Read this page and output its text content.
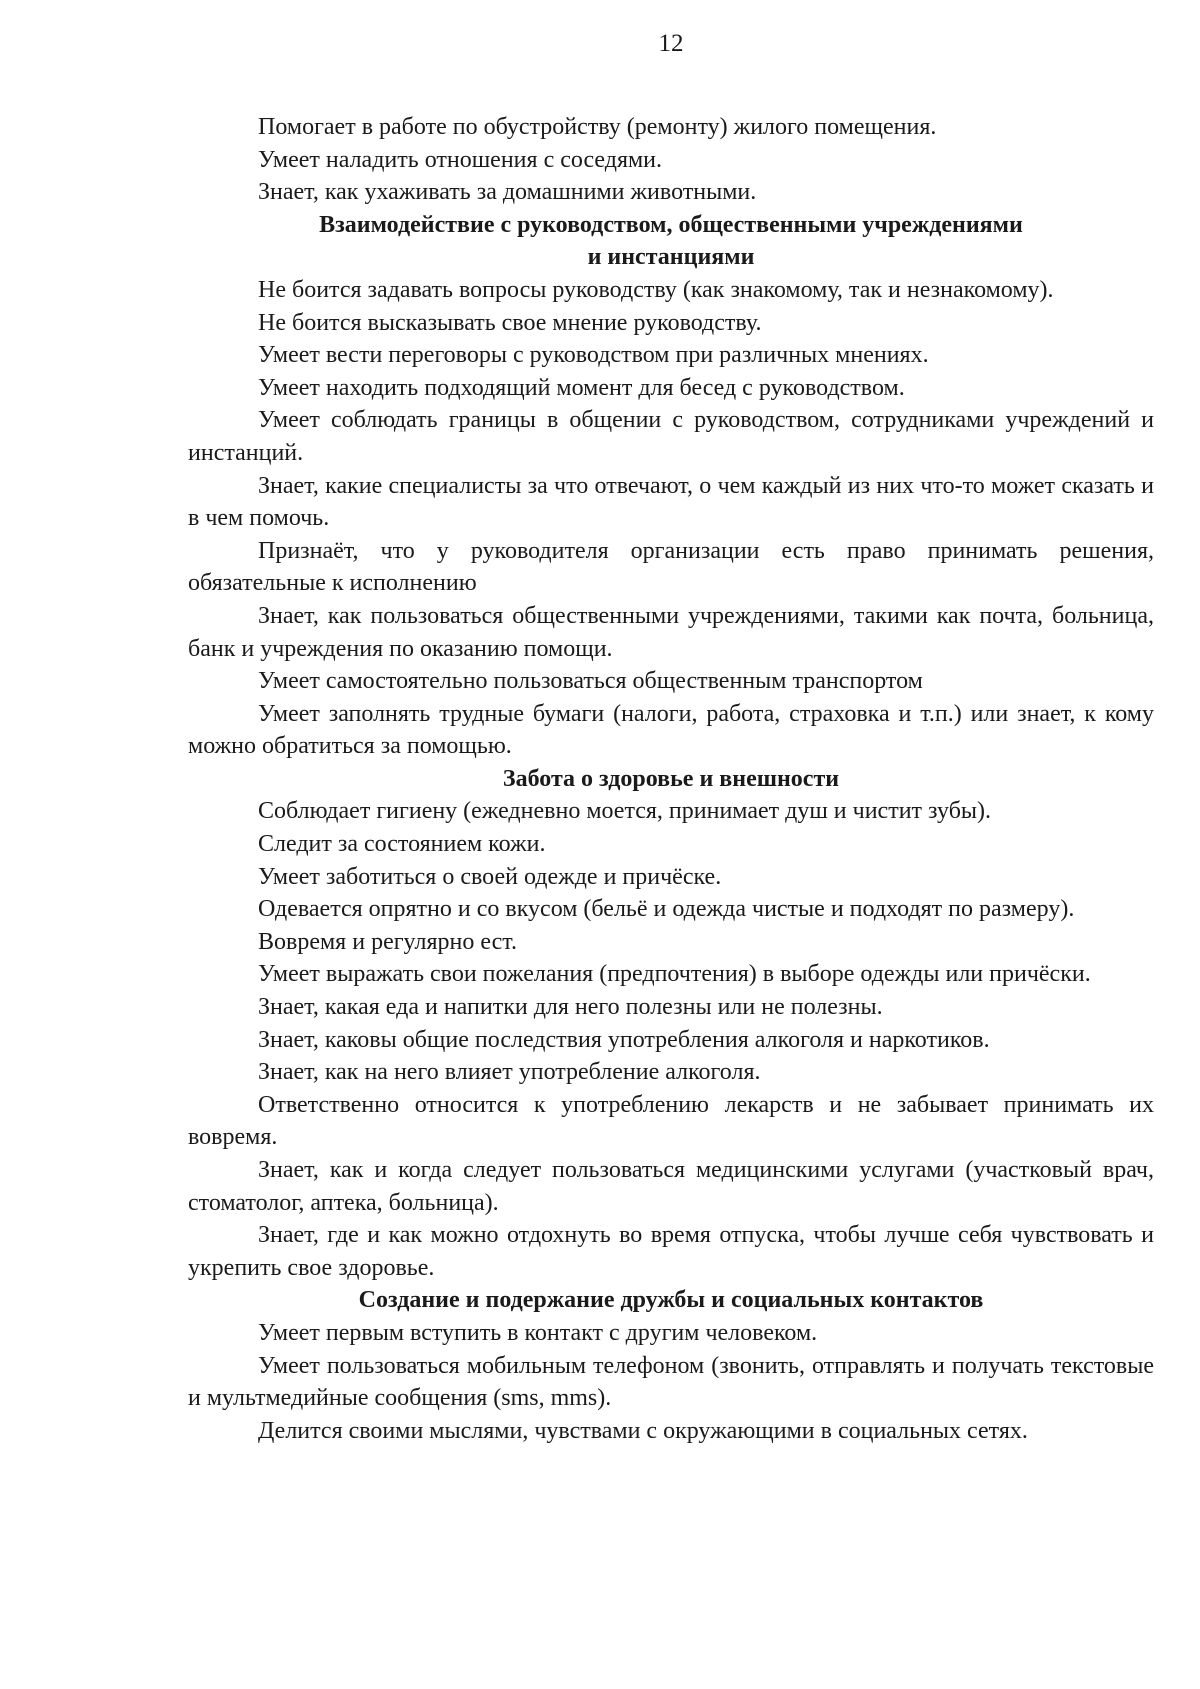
12

Помогает в работе по обустройству (ремонту) жилого помещения.

Умеет наладить отношения с соседями.

Знает, как ухаживать за домашними животными.

Взаимодействие с руководством, общественными учреждениями
и инстанциями

Не боится задавать вопросы руководству (как знакомому, так и незнакомому).

Не боится высказывать свое мнение руководству.

Умеет вести переговоры с руководством при различных мнениях.

Умеет находить подходящий момент для бесед с руководством.

Умеет соблюдать границы в общении с руководством, сотрудниками учреждений и инстанций.

Знает, какие специалисты за что отвечают, о чем каждый из них что-то может сказать и в чем помочь.

Признаёт, что у руководителя организации есть право принимать решения, обязательные к исполнению

Знает, как пользоваться общественными учреждениями, такими как почта, больница, банк и учреждения по оказанию помощи.

Умеет самостоятельно пользоваться общественным транспортом

Умеет заполнять трудные бумаги (налоги, работа, страховка и т.п.) или знает, к кому можно обратиться за помощью.

Забота о здоровье и внешности

Соблюдает гигиену (ежедневно моется, принимает душ и чистит зубы).

Следит за состоянием кожи.

Умеет заботиться о своей одежде и причёске.

Одевается опрятно и со вкусом (бельё и одежда чистые и подходят по размеру).

Вовремя и регулярно ест.

Умеет выражать свои пожелания (предпочтения) в выборе одежды или причёски.

Знает, какая еда и напитки для него полезны или не полезны.

Знает, каковы общие последствия употребления алкоголя и наркотиков.

Знает, как на него влияет употребление алкоголя.

Ответственно относится к употреблению лекарств и не забывает принимать их вовремя.

Знает, как и когда следует пользоваться медицинскими услугами (участковый врач, стоматолог, аптека, больница).

Знает, где и как можно отдохнуть во время отпуска, чтобы лучше себя чувствовать и укрепить свое здоровье.

Создание и подержание дружбы и социальных контактов

Умеет первым вступить в контакт с другим человеком.

Умеет пользоваться мобильным телефоном (звонить, отправлять и получать текстовые и мультмедийные сообщения (sms, mms).

Делится своими мыслями, чувствами с окружающими в социальных сетях.
